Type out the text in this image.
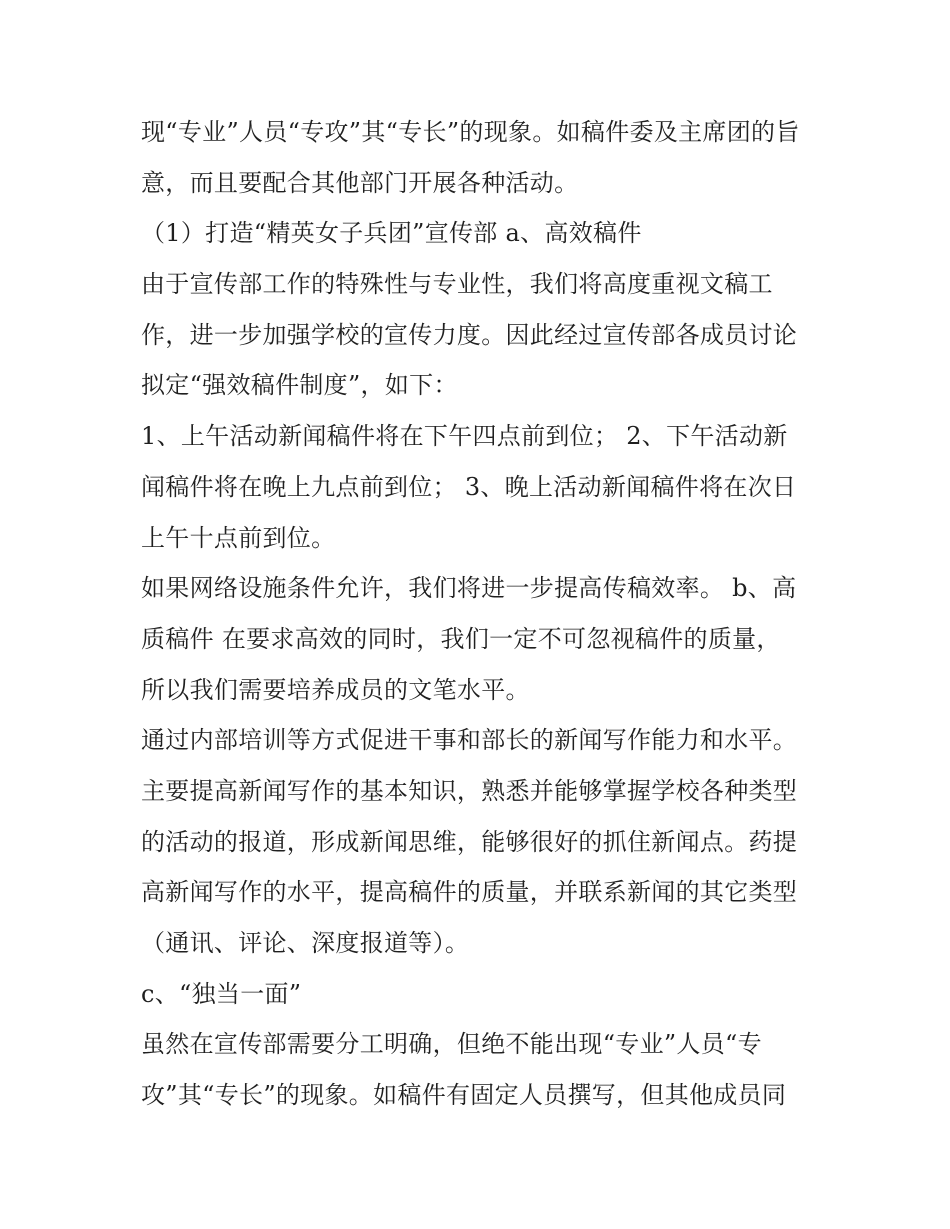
现“专业”人员“专攻”其“专长”的现象。如稿件委及主席团的旨
意，而且要配合其他部门开展各种活动。
（1）打造“精英女子兵团”宣传部 a、高效稿件
由于宣传部工作的特殊性与专业性，我们将高度重视文稿工
作，进一步加强学校的宣传力度。因此经过宣传部各成员讨论
拟定“强效稿件制度”，如下：
1、上午活动新闻稿件将在下午四点前到位； 2、下午活动新
闻稿件将在晚上九点前到位； 3、晚上活动新闻稿件将在次日
上午十点前到位。
如果网络设施条件允许，我们将进一步提高传稿效率。 b、高
质稿件 在要求高效的同时，我们一定不可忽视稿件的质量，
所以我们需要培养成员的文笔水平。
通过内部培训等方式促进干事和部长的新闻写作能力和水平。
主要提高新闻写作的基本知识，熟悉并能够掌握学校各种类型
的活动的报道，形成新闻思维，能够很好的抓住新闻点。药提
高新闻写作的水平，提高稿件的质量，并联系新闻的其它类型
（通讯、评论、深度报道等）。
c、“独当一面”
虽然在宣传部需要分工明确，但绝不能出现“专业”人员“专
攻”其“专长”的现象。如稿件有固定人员撰写，但其他成员同
